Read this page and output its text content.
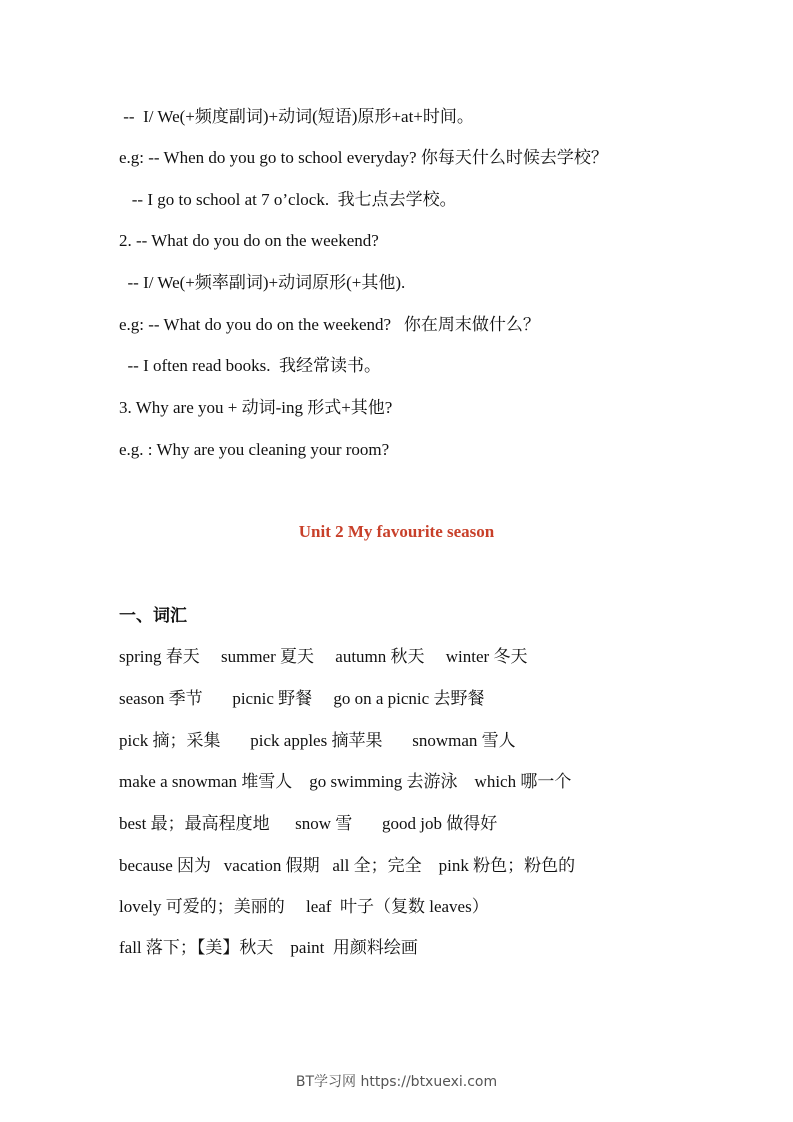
--  I/ We(+频度副词)+动词(短语)原形+at+时间。
e.g: -- When do you go to school everyday? 你每天什么时候去学校？
-- I go to school at 7 o’clock.  我七点去学校。
2. -- What do you do on the weekend?
-- I/ We(+频率副词)+动词原形(+其他).
e.g: -- What do you do on the weekend?   你在周末做什么？
-- I often read books.  我经常读书。
3. Why are you + 动词-ing 形式+其他?
e.g. : Why are you cleaning your room?
Unit 2 My favourite season
一、词汇
spring 春天     summer 夏天     autumn 秋天     winter 冬天
season 季节       picnic 野餐     go on a picnic 去野餐
pick 摘；采集       pick apples 摘苹果       snowman 雪人
make a snowman 堆雪人    go swimming 去游泳    which 哪一个
best 最；最高程度地      snow 雪       good job 做得好
because 因为   vacation 假期   all 全；完全    pink 粉色；粉色的
lovely 可爱的；美丽的     leaf  叶子（复数 leaves）
fall 落下；【美】秋天    paint  用颜料绘画
BT学习网 https://btxuexi.com
